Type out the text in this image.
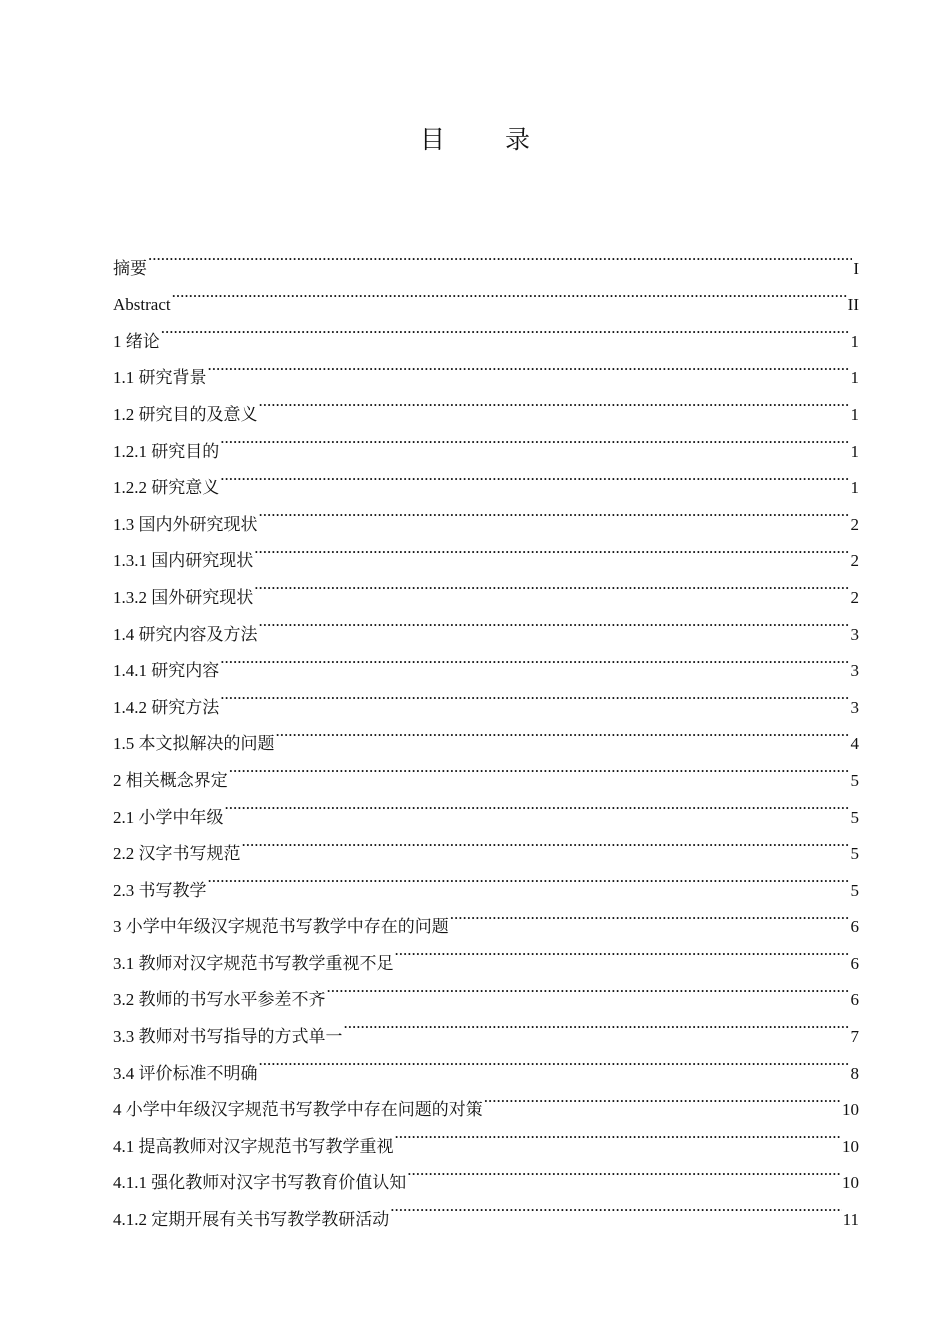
目 录
摘要 .....	I
Abstract .....	II
1 绪论 .....	1
1.1 研究背景 .....	1
1.2 研究目的及意义 .....	1
1.2.1 研究目的 .....	1
1.2.2 研究意义 .....	1
1.3 国内外研究现状 .....	2
1.3.1 国内研究现状 .....	2
1.3.2 国外研究现状 .....	2
1.4 研究内容及方法 .....	3
1.4.1 研究内容 .....	3
1.4.2 研究方法 .....	3
1.5 本文拟解决的问题 .....	4
2 相关概念界定 .....	5
2.1 小学中年级 .....	5
2.2 汉字书写规范 .....	5
2.3 书写教学 .....	5
3 小学中年级汉字规范书写教学中存在的问题 .....	6
3.1 教师对汉字规范书写教学重视不足 .....	6
3.2 教师的书写水平参差不齐 .....	6
3.3 教师对书写指导的方式单一 .....	7
3.4 评价标准不明确 .....	8
4 小学中年级汉字规范书写教学中存在问题的对策 .....	10
4.1 提高教师对汉字规范书写教学重视 .....	10
4.1.1 强化教师对汉字书写教育价值认知 .....	10
4.1.2 定期开展有关书写教学教研活动 .....	11
